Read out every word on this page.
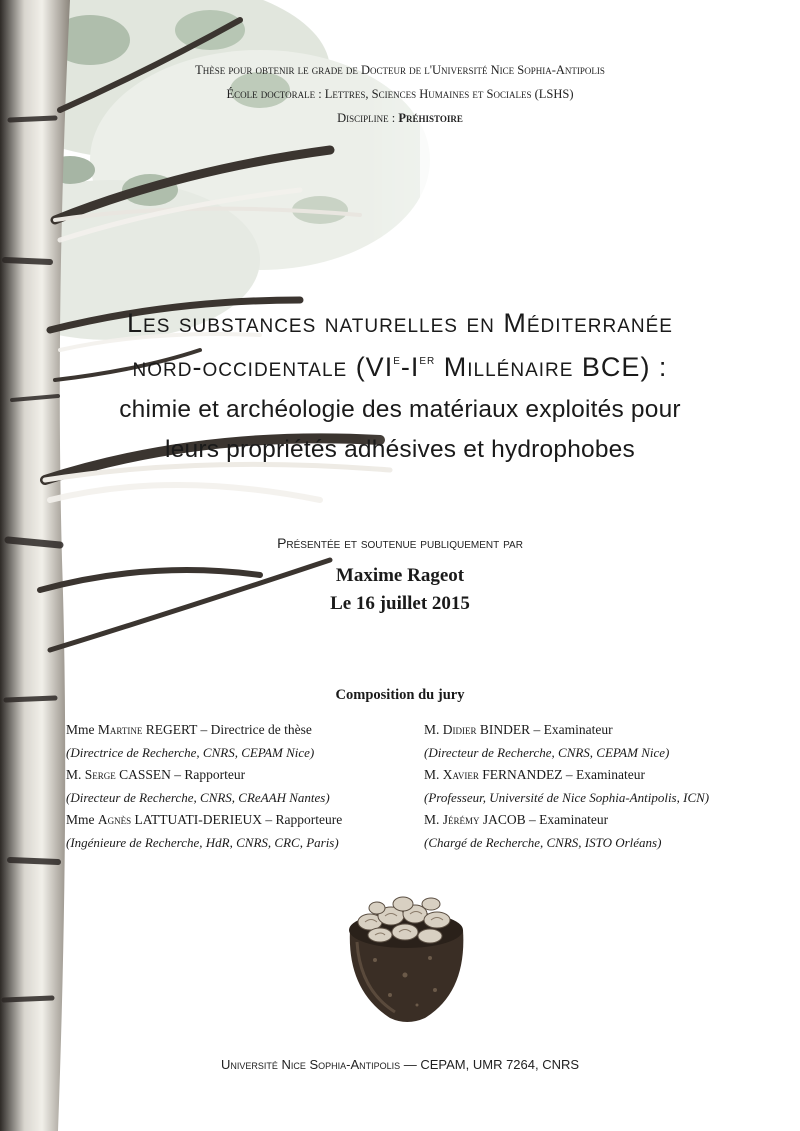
Thèse pour obtenir le grade de Docteur de l'Université Nice Sophia-Antipolis
École doctorale : Lettres, Sciences Humaines et Sociales (LSHS)
Discipline : Préhistoire
Les substances naturelles en Méditerranée
nord-occidentale (VIe-Ier Millénaire BCE) :
chimie et archéologie des matériaux exploités pour
leurs propriétés adhésives et hydrophobes
Présentée et soutenue publiquement par
Maxime Rageot
Le 16 juillet 2015
Composition du jury
Mme Martine REGERT – Directrice de thèse
(Directrice de Recherche, CNRS, CEPAM Nice)
M. Serge CASSEN – Rapporteur
(Directeur de Recherche, CNRS, CReAAH Nantes)
Mme Agnès LATTUATI-DERIEUX – Rapporteure
(Ingénieure de Recherche, HdR, CNRS, CRC, Paris)
M. Didier BINDER – Examinateur
(Directeur de Recherche, CNRS, CEPAM Nice)
M. Xavier FERNANDEZ – Examinateur
(Professeur, Université de Nice Sophia-Antipolis, ICN)
M. Jérémy JACOB – Examinateur
(Chargé de Recherche, CNRS, ISTO Orléans)
Université Nice Sophia-Antipolis — CEPAM, UMR 7264, CNRS
